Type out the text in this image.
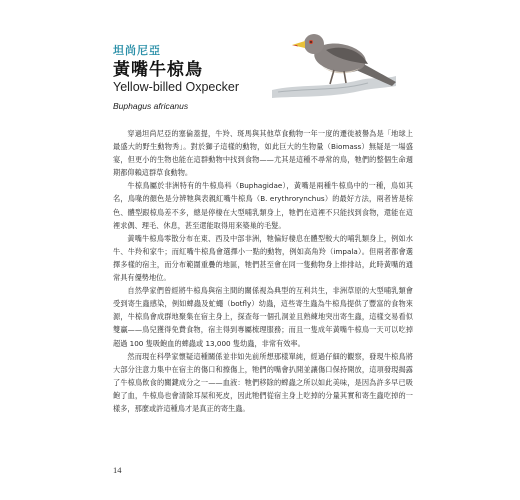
坦尚尼亞
黃嘴牛椋鳥
Yellow-billed Oxpecker
Buphagus africanus

穿過坦尚尼亞的塞倫蓋提，牛羚、斑馬與其他草食動物一年一度的遷徙被譽為是「地球上最盛大的野生動物秀」。對於獅子這樣的動物，如此巨大的生物量（Biomass）無疑是一場盛宴，但更小的生物也能在這群動物中找到食物——尤其是這種不尋常的鳥，牠們的整個生命週期都仰賴這群草食動物。

牛椋鳥屬於非洲特有的牛椋鳥科（Buphagidae），黃嘴是兩種牛椋鳥中的一種，鳥如其名，鳥喙的顏色是分辨牠與表親紅嘴牛椋鳥（B. erythrorynchus）的最好方法，兩者皆是棕色、體型跟椋鳥差不多，總是停棲在大型哺乳類身上，牠們在這裡不只能找到食物，還能在這裡求偶、理毛、休息，甚至還能取得用來築巢的毛髮。

黃嘴牛椋鳥零散分布在東、西及中部非洲，牠偏好棲息在體型較大的哺乳類身上，例如水牛、牛羚和家牛；而紅嘴牛椋鳥會選擇小一點的動物，例如高角羚（impala）。但兩者都會選擇多樣的宿主，而分布範圍重疊的地區，牠們甚至會在同一隻動物身上排排站，此時黃嘴的通常具有優勢地位。

自然學家們曾經將牛椋鳥與宿主間的關係視為典型的互利共生，非洲草原的大型哺乳類會受到寄生蟲感染，例如蜱蟲及虻蠅（botfly）幼蟲，這些寄生蟲為牛椋鳥提供了豐富的食物來源，牛椋鳥會成群地聚集在宿主身上，探查每一個孔洞並且熟練地突出寄生蟲，這樣交易看似雙贏——鳥兒獲得免費食物，宿主得到專屬梳理服務；而且一隻成年黃嘴牛椋鳥一天可以吃掉超過 100 隻吸飽血的蜱蟲或 13,000 隻幼蟲，非常有效率。

然而現在科學家懷疑這種關係並非如先前所想那樣單純，經過仔細的觀察，發現牛椋鳥將大部分注意力集中在宿主的傷口和擦傷上，牠們的嘴會扒開並讓傷口保持開放，這項發現揭露了牛椋鳥飲食的關鍵成分之一——血液：牠們移除的蜱蟲之所以如此美味，是因為許多早已吸飽了血，牛椋鳥也會清除耳屎和死皮，因此牠們從宿主身上吃掉的分量其實和寄生蟲吃掉的一樣多，那麼或許這種鳥才是真正的寄生蟲。

14
